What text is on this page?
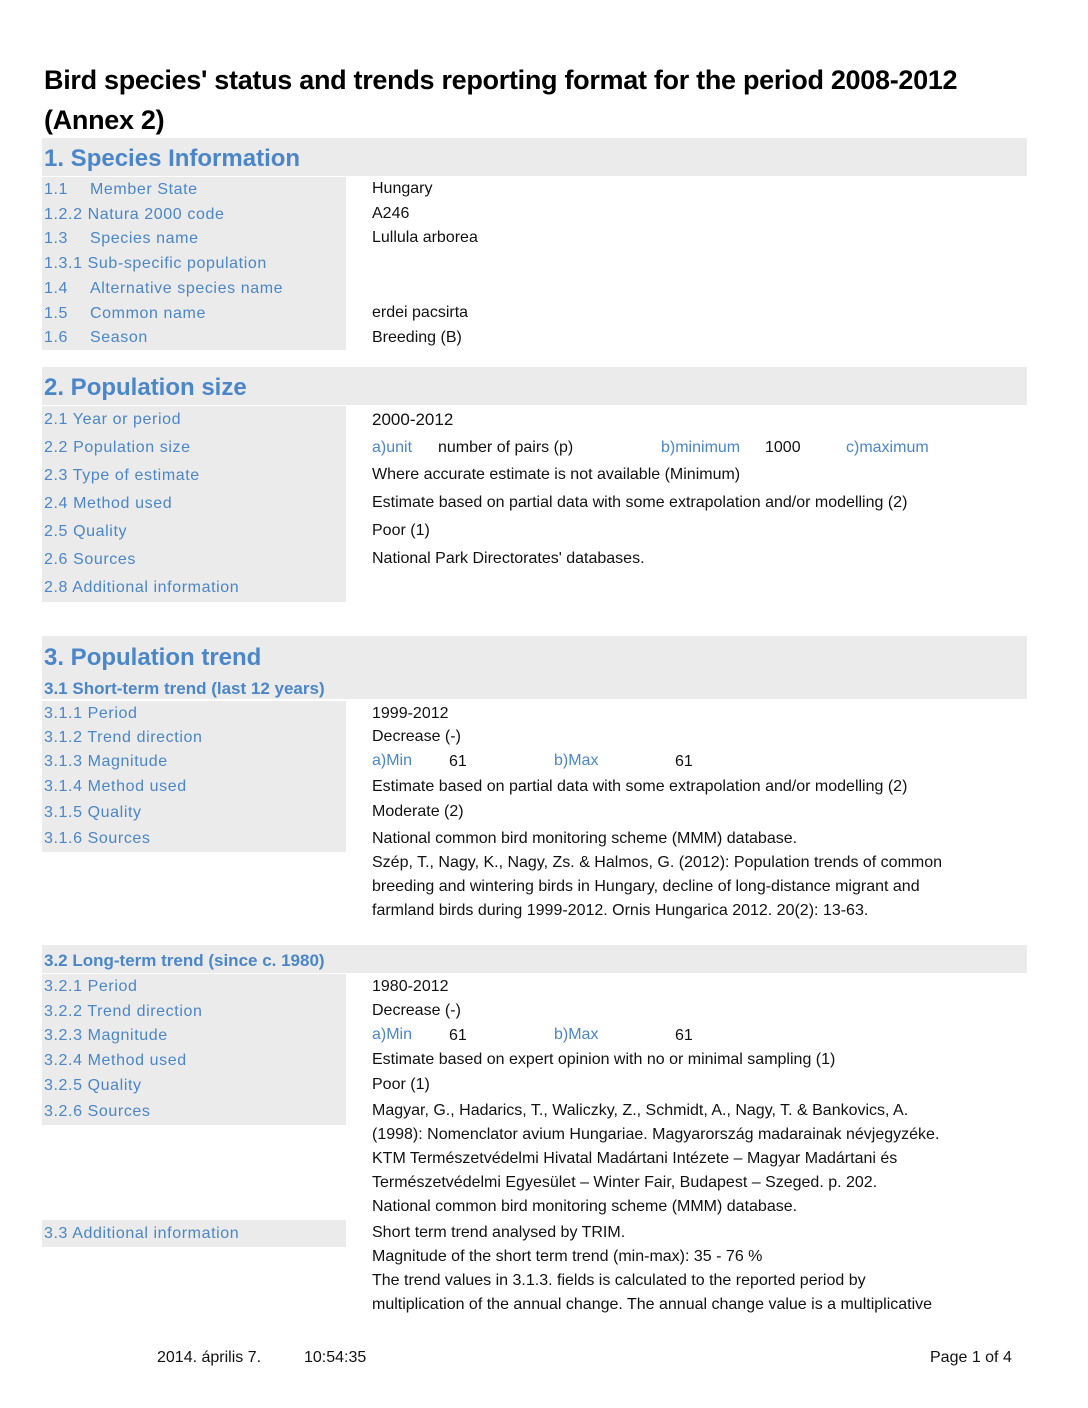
Bird species' status and trends reporting format for the period 2008-2012 (Annex 2)
1. Species Information
1.1 Member State	Hungary
1.2.2 Natura 2000 code	A246
1.3 Species name	Lullula arborea
1.3.1 Sub-specific population
1.4 Alternative species name
1.5 Common name	erdei pacsirta
1.6 Season	Breeding (B)
2. Population size
2.1 Year or period	2000-2012
2.2 Population size	a)unit number of pairs (p)	b)minimum 1000	c)maximum
2.3 Type of estimate	Where accurate estimate is not available (Minimum)
2.4 Method used	Estimate based on partial data with some extrapolation and/or modelling (2)
2.5 Quality	Poor (1)
2.6 Sources	National Park Directorates' databases.
2.8 Additional information
3. Population trend
3.1 Short-term trend (last 12 years)
3.1.1 Period	1999-2012
3.1.2 Trend direction	Decrease (-)
3.1.3 Magnitude	a)Min 61	b)Max	61
3.1.4 Method used	Estimate based on partial data with some extrapolation and/or modelling (2)
3.1.5 Quality	Moderate (2)
3.1.6 Sources	National common bird monitoring scheme (MMM) database.
Szép, T., Nagy, K., Nagy, Zs. & Halmos, G. (2012): Population trends of common
breeding and wintering birds in Hungary, decline of long-distance migrant and
farmland birds during 1999-2012. Ornis Hungarica 2012. 20(2): 13-63.
3.2 Long-term trend (since c. 1980)
3.2.1 Period	1980-2012
3.2.2 Trend direction	Decrease (-)
3.2.3 Magnitude	a)Min 61	b)Max	61
3.2.4 Method used	Estimate based on expert opinion with no or minimal sampling (1)
3.2.5 Quality	Poor (1)
3.2.6 Sources	Magyar, G., Hadarics, T., Waliczky, Z., Schmidt, A., Nagy, T. & Bankovics, A.
(1998): Nomenclator avium Hungariae. Magyarország madarainak névjegyzéke.
KTM Természetvédelmi Hivatal Madártani Intézete – Magyar Madártani és
Természetvédelmi Egyesület – Winter Fair, Budapest – Szeged. p. 202.
National common bird monitoring scheme (MMM) database.
3.3 Additional information	Short term trend analysed by TRIM.
Magnitude of the short term trend (min-max): 35 - 76 %
The trend values in 3.1.3. fields is calculated to the reported period by
multiplication of the annual change. The annual change value is a multiplicative
2014. április 7.	10:54:35	Page 1 of 4
